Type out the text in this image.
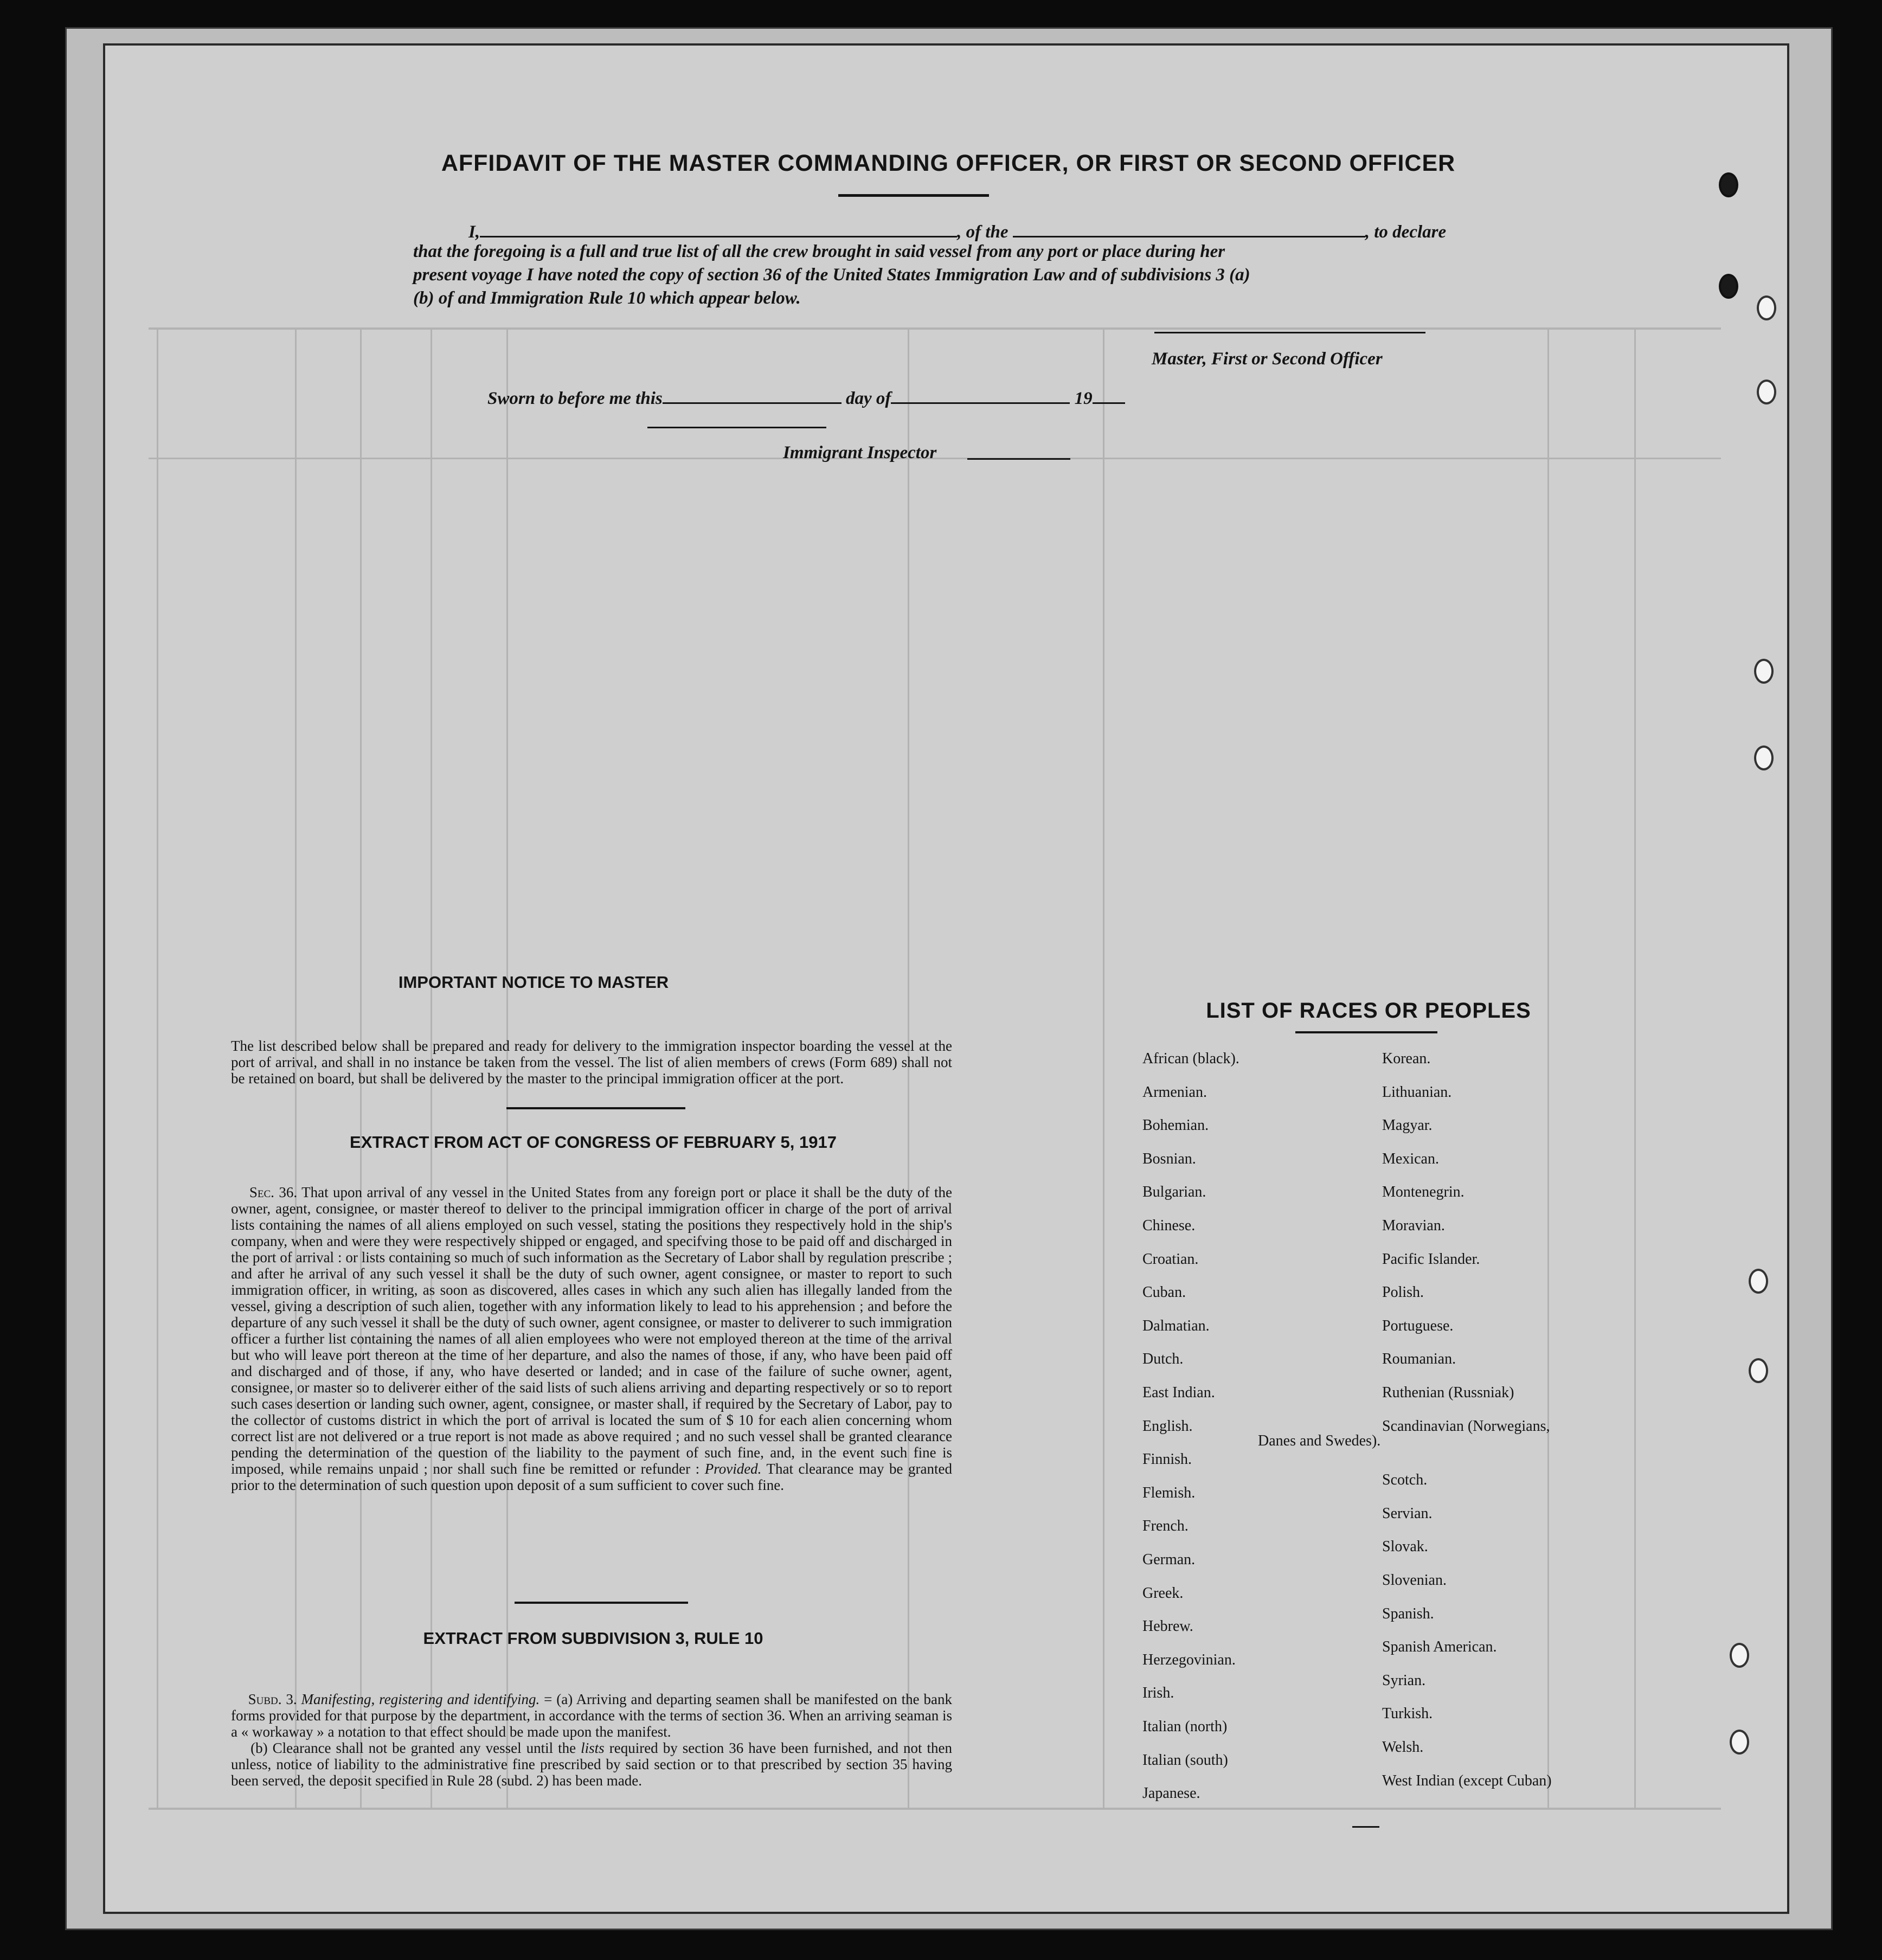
AFFIDAVIT OF THE MASTER COMMANDING OFFICER, OR FIRST OR SECOND OFFICER
I,	, of the	, to declare
that the foregoing is a full and true list of all the crew brought in said vessel from any port or place during her
present voyage I have noted the copy of section 36 of the United States Immigration Law and of subdivisions 3 (a)
(b) of and Immigration Rule 10 which appear below.
Master, First or Second Officer
Sworn to before me this	day of	19
Immigrant Inspector
IMPORTANT NOTICE TO MASTER
The list described below shall be prepared and ready for delivery to the immigration inspector boarding the vessel at the port of arrival, and shall in no instance be taken from the vessel. The list of alien members of crews (Form 689) shall not be retained on board, but shall be delivered by the master to the principal immigration officer at the port.
EXTRACT FROM ACT OF CONGRESS OF FEBRUARY 5, 1917
Sec. 36. That upon arrival of any vessel in the United States from any foreign port or place it shall be the duty of the owner, agent, consignee, or master thereof to deliver to the principal immigration officer in charge of the port of arrival lists containing the names of all aliens employed on such vessel, stating the positions they respectively hold in the ship's company, when and were they were respectively shipped or engaged, and specifving those to be paid off and discharged in the port of arrival : or lists containing so much of such information as the Secretary of Labor shall by regulation prescribe ; and after he arrival of any such vessel it shall be the duty of such owner, agent consignee, or master to report to such immigration officer, in writing, as soon as discovered, alles cases in which any such alien has illegally landed from the vessel, giving a description of such alien, together with any information likely to lead to his apprehension ; and before the departure of any such vessel it shall be the duty of such owner, agent consignee, or master to deliverer to such immigration officer a further list containing the names of all alien employees who were not employed thereon at the time of the arrival but who will leave port thereon at the time of her departure, and also the names of those, if any, who have been paid off and discharged and of those, if any, who have deserted or landed; and in case of the failure of suche owner, agent, consignee, or master so to deliverer either of the said lists of such aliens arriving and departing respectively or so to report such cases desertion or landing such owner, agent, consignee, or master shall, if required by the Secretary of Labor, pay to the collector of customs district in which the port of arrival is located the sum of $ 10 for each alien concerning whom correct list are not delivered or a true report is not made as above required ; and no such vessel shall be granted clearance pending the determination of the question of the liability to the payment of such fine, and, in the event such fine is imposed, while remains unpaid ; nor shall such fine be remitted or refunder : Provided. That clearance may be granted prior to the determination of such question upon deposit of a sum sufficient to cover such fine.
EXTRACT FROM SUBDIVISION 3, RULE 10
Subd. 3. Manifesting, registering and identifying. = (a) Arriving and departing seamen shall be manifested on the bank forms provided for that purpose by the department, in accordance with the terms of section 36. When an arriving seaman is a « workaway » a notation to that effect should be made upon the manifest.
(b) Clearance shall not be granted any vessel until the lists required by section 36 have been furnished, and not then unless, notice of liability to the administrative fine prescribed by said section or to that prescribed by section 35 having been served, the deposit specified in Rule 28 (subd. 2) has been made.
LIST OF RACES OR PEOPLES
African (black).
Armenian.
Bohemian.
Bosnian.
Bulgarian.
Chinese.
Croatian.
Cuban.
Dalmatian.
Dutch.
East Indian.
English.
Finnish.
Flemish.
French.
German.
Greek.
Hebrew.
Herzegovinian.
Irish.
Italian (north)
Italian (south)
Japanese.
Korean.
Lithuanian.
Magyar.
Mexican.
Montenegrin.
Moravian.
Pacific Islander.
Polish.
Portuguese.
Roumanian.
Ruthenian (Russniak)
Scandinavian (Norwegians,
Scotch.
Servian.
Slovak.
Slovenian.
Spanish.
Spanish American.
Syrian.
Turkish.
Welsh.
West Indian (except Cuban)
Danes and Swedes).
